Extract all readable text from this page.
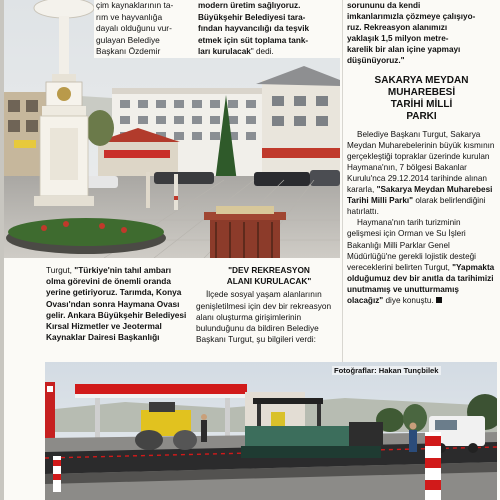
çim kaynaklarının ta-
rım ve hayvanlığa
dayalı olduğunu vur-
gulayan Belediye
Başkanı Özdemir
modern üretim sağlıyoruz.
Büyükşehir Belediyesi tara-
fından hayvancılığı da teşvik
etmek için süt toplama tank-
ları kurulacak" dedi.
sorununu da kendi
imkanlarımızla çözmeye çalışıyo-
ruz. Rekreasyon alanımızı
yaklaşık 1,5 milyon metre-
karelik bir alan içine yapmayı
düşünüyoruz."
SAKARYA MEYDAN
MUHAREBESİ
TARİHİ MİLLİ
PARKI

Belediye Başkanı Turgut, Sakarya Meydan Muharebelerinin büyük kısmının gerçekleştiği topraklar üzerinde kurulan Haymana'nın, 7 bölgesi Bakanlar Kurulu'nca 29.12.2014 tarihinde alınan kararla, "Sakarya Meydan Muharebesi Tarihi Milli Parkı" olarak belirlendiğini hatırlattı.

Haymana'nın tarih turizminin gelişmesi için Orman ve Su İşleri Bakanlığı Milli Parklar Genel Müdürlüğü'ne gerekli lojistik desteği vereceklerini belirten Turgut, "Yapmakta olduğumuz dev bir anıtla da tarihimizi unutmamış ve unutturmamış olacağız" diye konuştu.

Turgut, "Türkiye'nin tahıl ambarı olma görevini de önemli oranda yerine getiriyoruz. Tarımda, Konya Ovası'ndan sonra Haymana Ovası gelir. Ankara Büyükşehir Belediyesi Kırsal Hizmetler ve Jeotermal Kaynaklar Dairesi Başkanlığı
"DEV REKREASYON
ALANI KURULACAK"
İlçede sosyal yaşam alanlarının genişletilmesi için dev bir rekreasyon alanı oluşturma girişimlerinin bulunduğunu da bildiren Belediye Başkanı Turgut, şu bilgileri verdi:
Fotoğraflar: Hakan Tunçbilek
